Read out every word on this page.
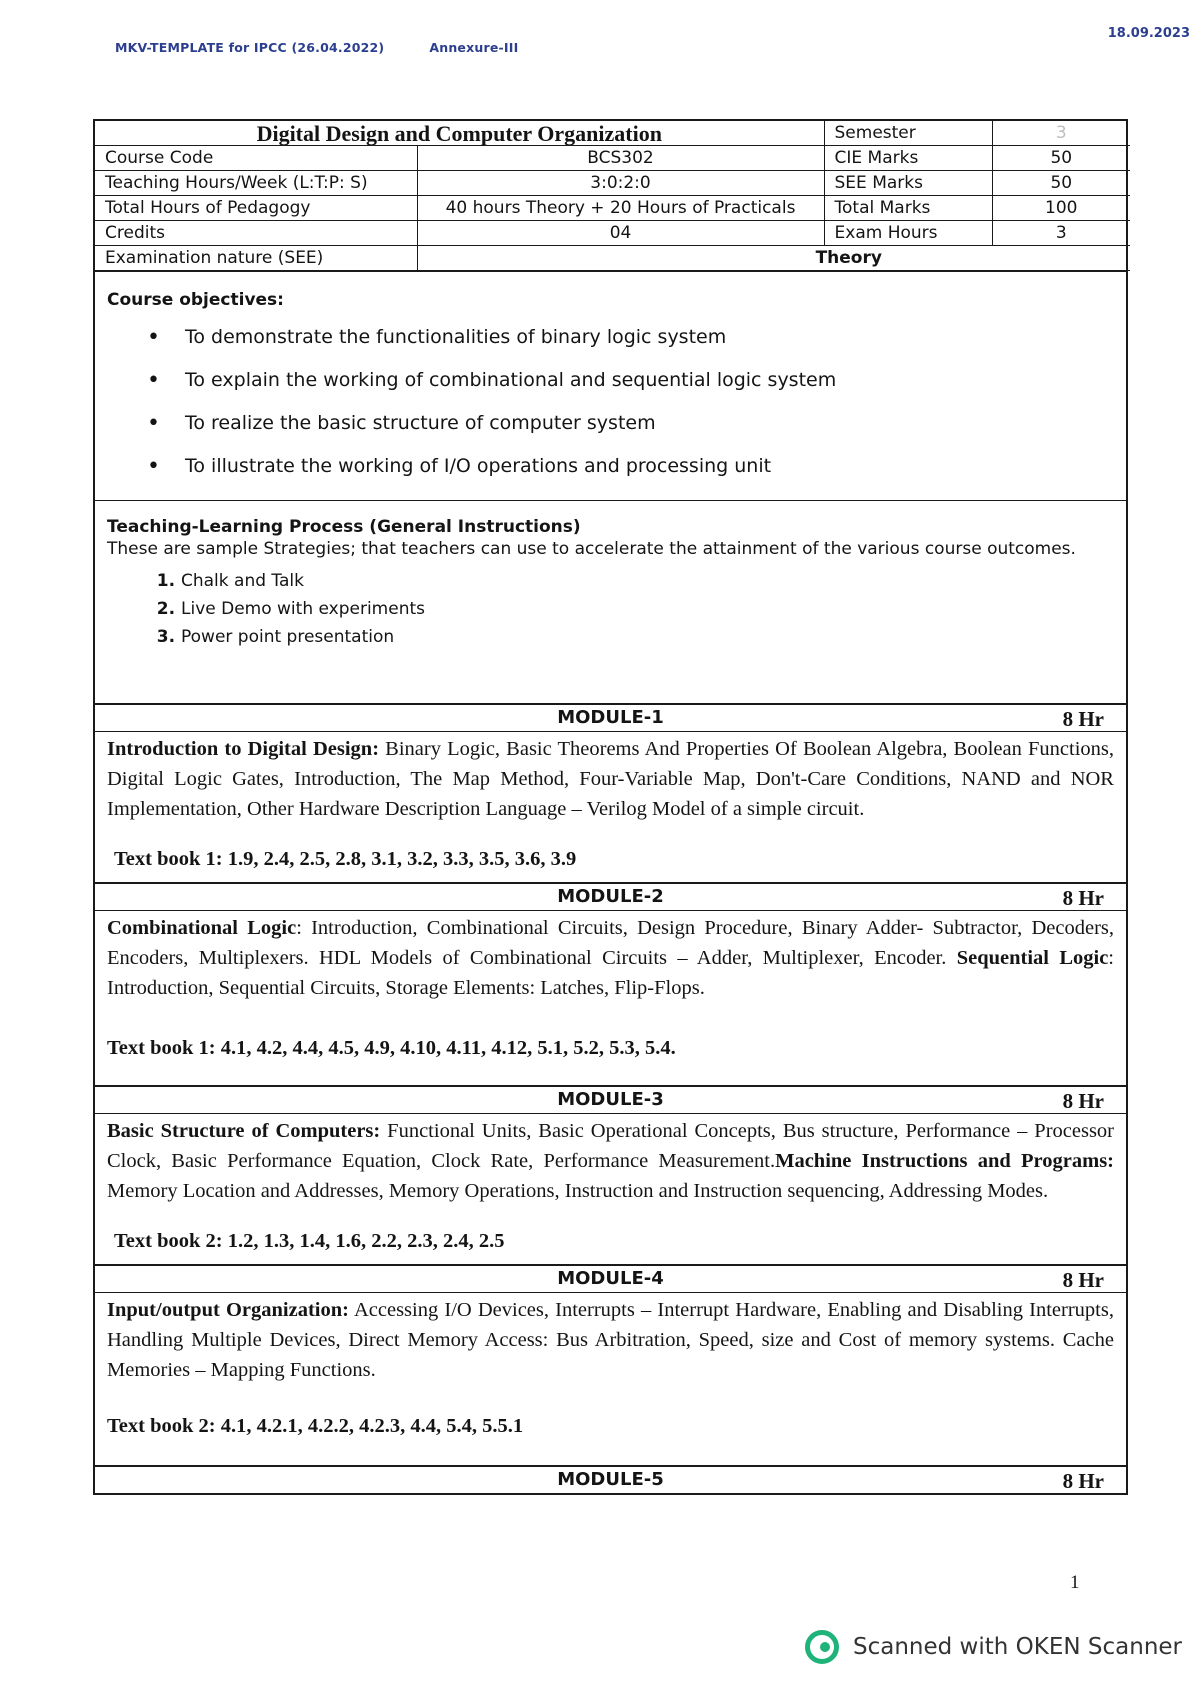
MKV-TEMPLATE for IPCC (26.04.2022)	Annexure-III
18.09.2023
Digital Design and Computer Organization		Semester	3
Course Code	BCS302	CIE Marks	50
Teaching Hours/Week (L:T:P: S)	3:0:2:0	SEE Marks	50
Total Hours of Pedagogy	40 hours Theory + 20 Hours of Practicals	Total Marks	100
Credits	04	Exam Hours	3
Examination nature (SEE)	Theory		
Course objectives:
• To demonstrate the functionalities of binary logic system
• To explain the working of combinational and sequential logic system
• To realize the basic structure of computer system
• To illustrate the working of I/O operations and processing unit
Teaching-Learning Process (General Instructions)
These are sample Strategies; that teachers can use to accelerate the attainment of the various course outcomes.
1. Chalk and Talk
2. Live Demo with experiments
3. Power point presentation
MODULE-1	8 Hr
Introduction to Digital Design: Binary Logic, Basic Theorems And Properties Of Boolean Algebra, Boolean Functions, Digital Logic Gates, Introduction, The Map Method, Four-Variable Map, Don't-Care Conditions, NAND and NOR Implementation, Other Hardware Description Language – Verilog Model of a simple circuit.
Text book 1: 1.9, 2.4, 2.5, 2.8, 3.1, 3.2, 3.3, 3.5, 3.6, 3.9
MODULE-2	8 Hr
Combinational Logic: Introduction, Combinational Circuits, Design Procedure, Binary Adder- Subtractor, Decoders, Encoders, Multiplexers. HDL Models of Combinational Circuits – Adder, Multiplexer, Encoder. Sequential Logic: Introduction, Sequential Circuits, Storage Elements: Latches, Flip-Flops.
Text book 1: 4.1, 4.2, 4.4, 4.5, 4.9, 4.10, 4.11, 4.12, 5.1, 5.2, 5.3, 5.4.
MODULE-3	8 Hr
Basic Structure of Computers: Functional Units, Basic Operational Concepts, Bus structure, Performance – Processor Clock, Basic Performance Equation, Clock Rate, Performance Measurement.Machine Instructions and Programs: Memory Location and Addresses, Memory Operations, Instruction and Instruction sequencing, Addressing Modes.
Text book 2: 1.2, 1.3, 1.4, 1.6, 2.2, 2.3, 2.4, 2.5
MODULE-4	8 Hr
Input/output Organization: Accessing I/O Devices, Interrupts – Interrupt Hardware, Enabling and Disabling Interrupts, Handling Multiple Devices, Direct Memory Access: Bus Arbitration, Speed, size and Cost of memory systems. Cache Memories – Mapping Functions.
Text book 2: 4.1, 4.2.1, 4.2.2, 4.2.3, 4.4, 5.4, 5.5.1
MODULE-5	8 Hr
1
Scanned with OKEN Scanner
